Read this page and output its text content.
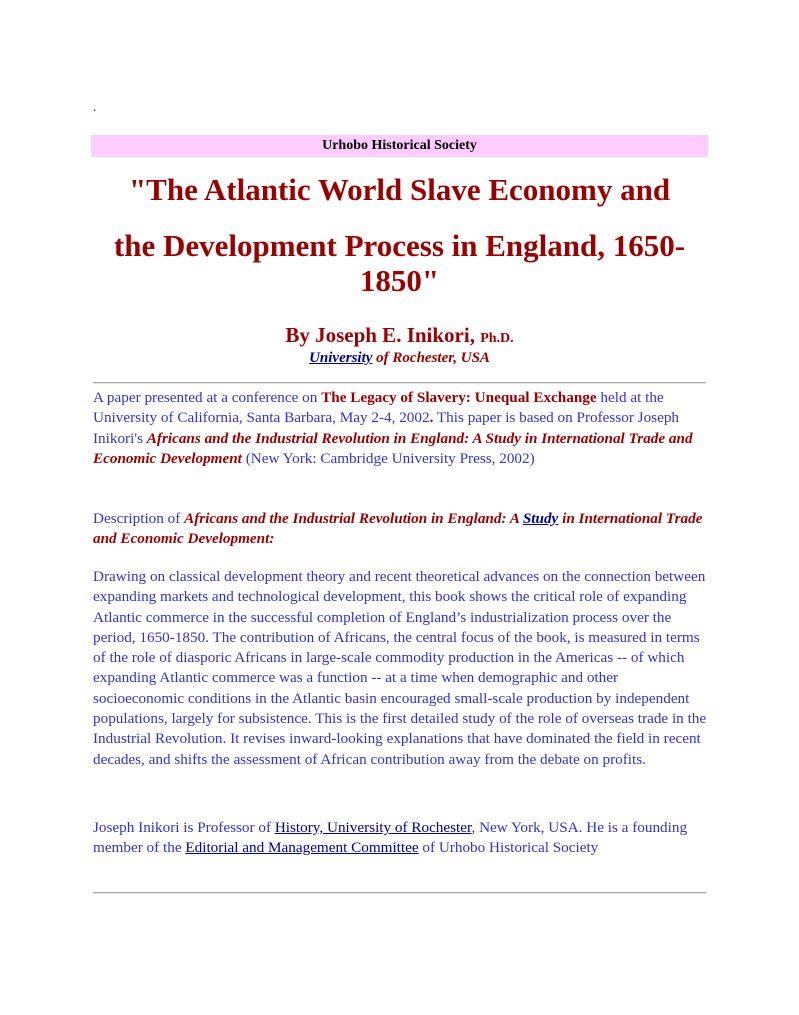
.
Urhobo Historical Society
"The Atlantic World Slave Economy and
the Development Process in England, 1650-1850"
By Joseph E. Inikori, Ph.D.
University of Rochester, USA
A paper presented at a conference on The Legacy of Slavery: Unequal Exchange held at the University of California, Santa Barbara, May 2-4, 2002. This paper is based on Professor Joseph Inikori's Africans and the Industrial Revolution in England: A Study in International Trade and Economic Development (New York: Cambridge University Press, 2002)
Description of Africans and the Industrial Revolution in England: A Study in International Trade and Economic Development:
Drawing on classical development theory and recent theoretical advances on the connection between expanding markets and technological development, this book shows the critical role of expanding Atlantic commerce in the successful completion of England’s industrialization process over the period, 1650-1850. The contribution of Africans, the central focus of the book, is measured in terms of the role of diasporic Africans in large-scale commodity production in the Americas -- of which expanding Atlantic commerce was a function -- at a time when demographic and other socioeconomic conditions in the Atlantic basin encouraged small-scale production by independent populations, largely for subsistence. This is the first detailed study of the role of overseas trade in the Industrial Revolution. It revises inward-looking explanations that have dominated the field in recent decades, and shifts the assessment of African contribution away from the debate on profits.
Joseph Inikori is Professor of History, University of Rochester, New York, USA. He is a founding member of the Editorial and Management Committee of Urhobo Historical Society
